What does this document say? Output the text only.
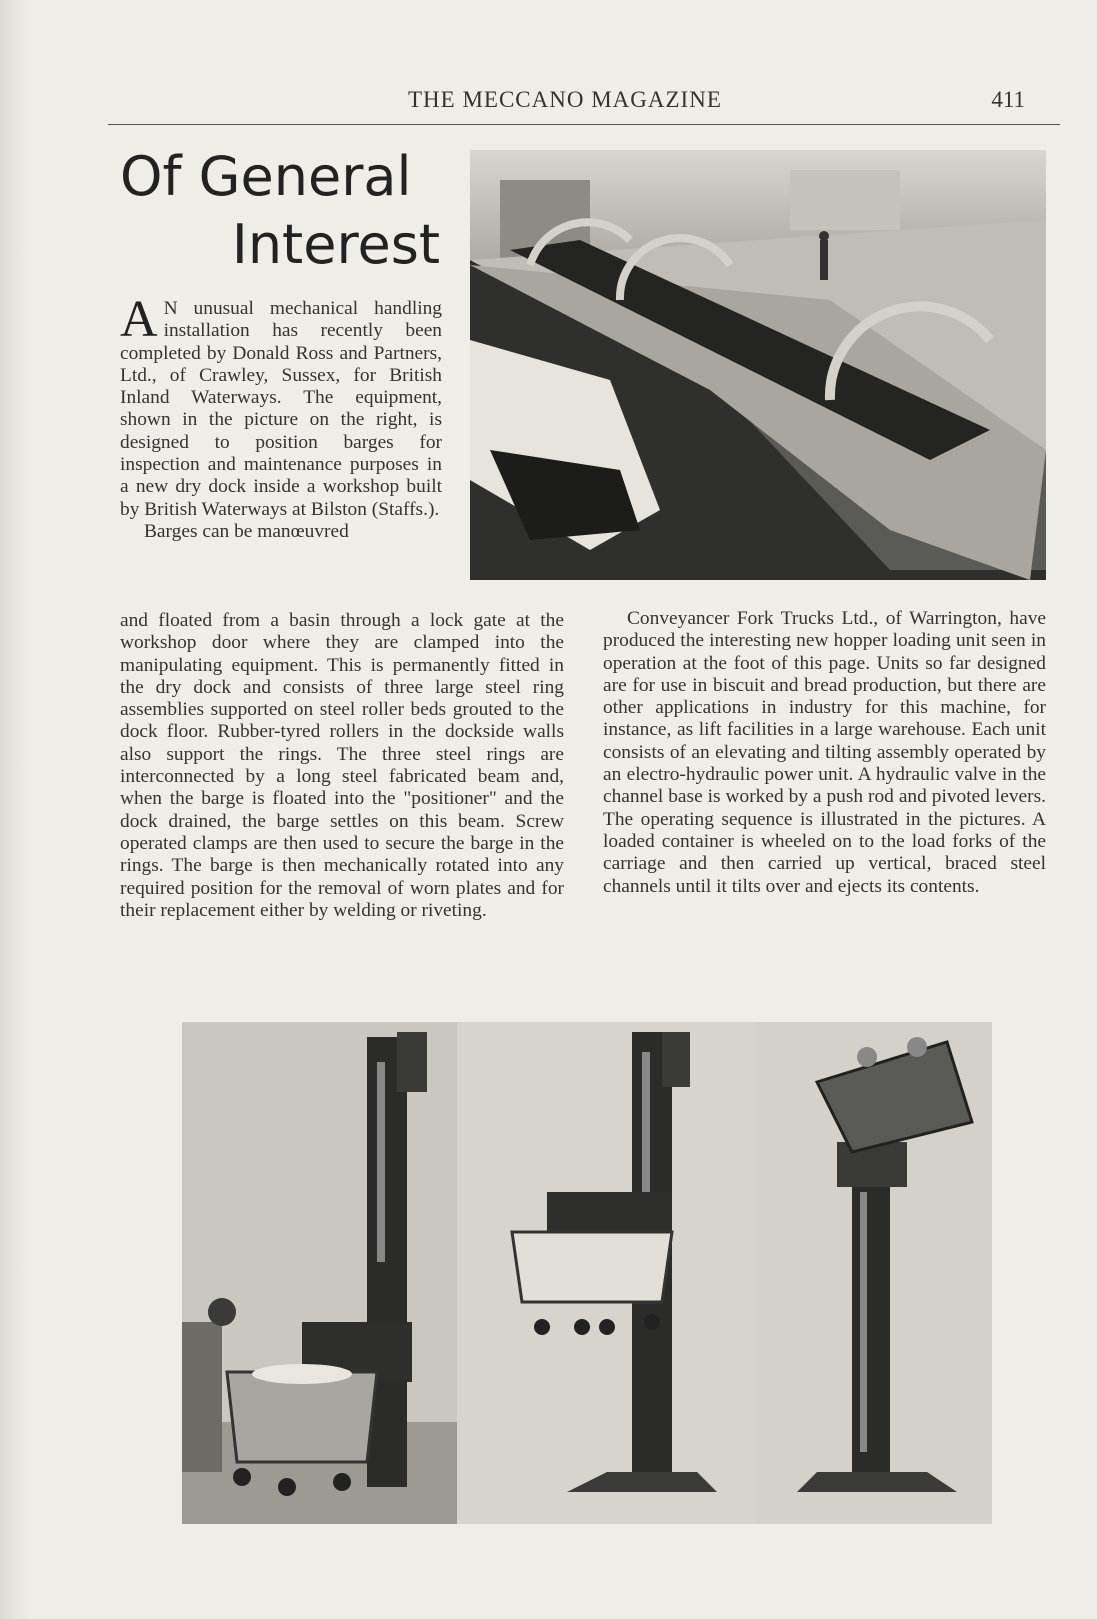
THE MECCANO MAGAZINE	411
Of General
Interest

A N unusual mechanical handling installation has recently been completed by Donald Ross and Partners, Ltd., of Crawley, Sussex, for British Inland Waterways. The equipment, shown in the picture on the right, is designed to position barges for inspection and maintenance purposes in a new dry dock inside a workshop built by British Waterways at Bilston (Staffs.).

Barges can be manœuvred

and floated from a basin through a lock gate at the workshop door where they are clamped into the manipulating equipment. This is permanently fitted in the dry dock and consists of three large steel ring assemblies supported on steel roller beds grouted to the dock floor. Rubber-tyred rollers in the dockside walls also support the rings. The three steel rings are interconnected by a long steel fabricated beam and, when the barge is floated into the "positioner" and the dock drained, the barge settles on this beam. Screw operated clamps are then used to secure the barge in the rings. The barge is then mechanically rotated into any required position for the removal of worn plates and for their replacement either by welding or riveting.

Conveyancer Fork Trucks Ltd., of Warrington, have produced the interesting new hopper loading unit seen in operation at the foot of this page. Units so far designed are for use in biscuit and bread production, but there are other applications in industry for this machine, for instance, as lift facilities in a large warehouse. Each unit consists of an elevating and tilting assembly operated by an electro-hydraulic power unit. A hydraulic valve in the channel base is worked by a push rod and pivoted levers. The operating sequence is illustrated in the pictures. A loaded container is wheeled on to the load forks of the carriage and then carried up vertical, braced steel channels until it tilts over and ejects its contents.
